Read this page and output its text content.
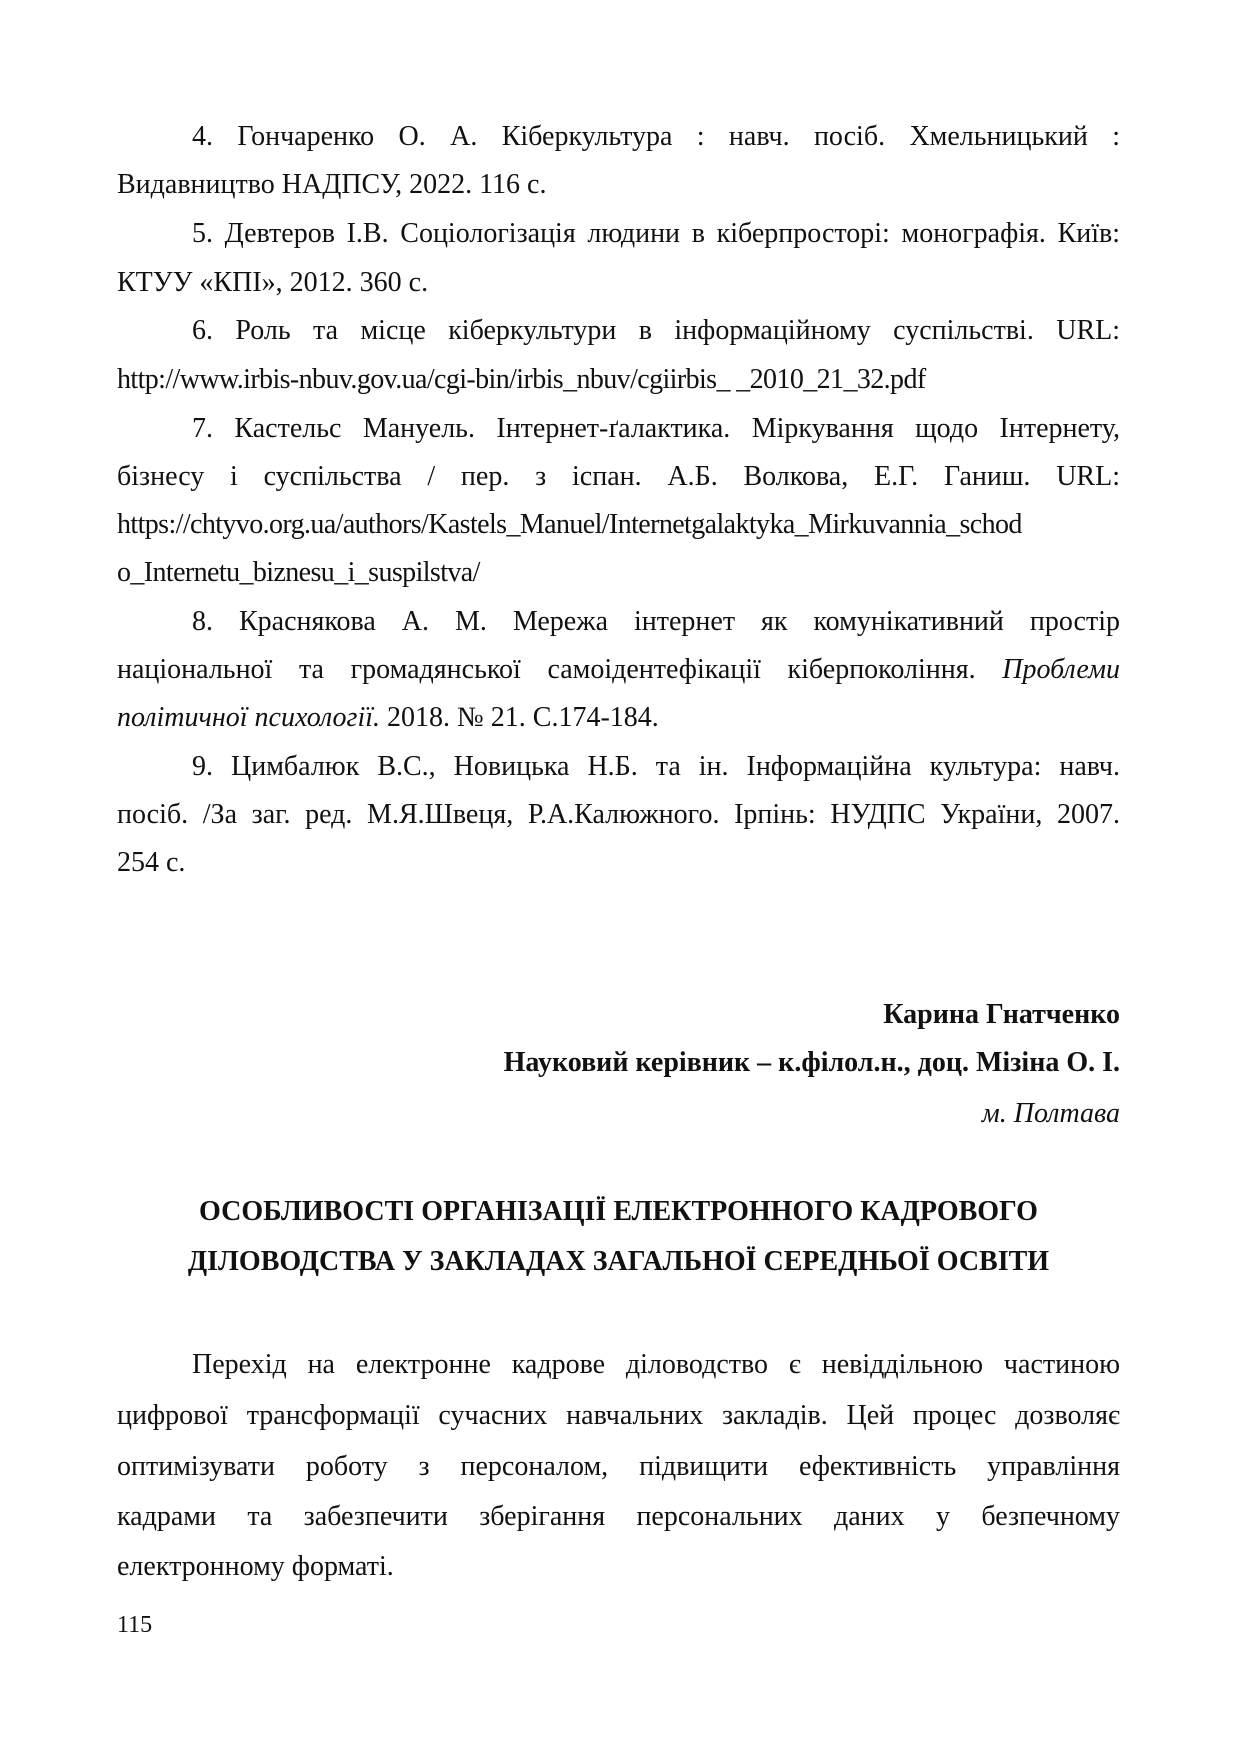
4. Гончаренко О. А. Кіберкультура : навч. посіб. Хмельницький :
Видавництво НАДПСУ, 2022. 116 с.
5. Девтеров І.В. Соціологізація людини в кіберпросторі: монографія. Київ:
КТУУ «КПІ», 2012. 360 с.
6. Роль та місце кіберкультури в інформаційному суспільстві. URL:
http://www.irbis-nbuv.gov.ua/cgi-bin/irbis_nbuv/cgiirbis_ _2010_21_32.pdf
7. Кастельс Мануель. Інтернет-ґалактика. Міркування щодо Інтернету,
бізнесу і суспільства / пер. з іспан. А.Б. Волкова, Е.Г. Ганиш. URL:
https://chtyvo.org.ua/authors/Kastels_Manuel/Internetgalaktyka_Mirkuvannia_schod
o_Internetu_biznesu_i_suspilstva/
8. Краснякова А. М. Мережа інтернет як комунікативний простір
національної та громадянської самоідентефікації кіберпокоління. Проблеми
політичної психології. 2018. № 21. С.174-184.
9. Цимбалюк В.С., Новицька Н.Б. та ін. Інформаційна культура: навч.
посіб. /За заг. ред. М.Я.Швеця, Р.А.Калюжного. Ірпінь: НУДПС України, 2007.
254 с.
Карина Гнатченко
Науковий керівник – к.філол.н., доц. Мізіна О. І.
м. Полтава
ОСОБЛИВОСТІ ОРГАНІЗАЦІЇ ЕЛЕКТРОННОГО КАДРОВОГО
ДІЛОВОДСТВА У ЗАКЛАДАХ ЗАГАЛЬНОЇ СЕРЕДНЬОЇ ОСВІТИ
Перехід на електронне кадрове діловодство є невіддільною частиною
цифрової трансформації сучасних навчальних закладів. Цей процес дозволяє
оптимізувати роботу з персоналом, підвищити ефективність управління
кадрами та забезпечити зберігання персональних даних у безпечному
електронному форматі.
115
